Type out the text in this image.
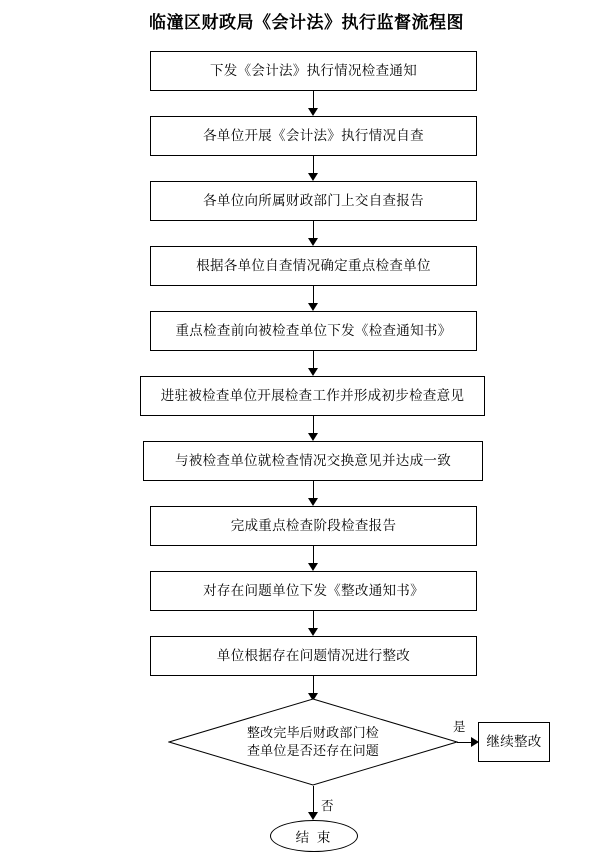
临潼区财政局《会计法》执行监督流程图
下发《会计法》执行情况检查通知
各单位开展《会计法》执行情况自查
各单位向所属财政部门上交自查报告
根据各单位自查情况确定重点检查单位
重点检查前向被检查单位下发《检查通知书》
进驻被检查单位开展检查工作并形成初步检查意见
与被检查单位就检查情况交换意见并达成一致
完成重点检查阶段检查报告
对存在问题单位下发《整改通知书》
单位根据存在问题情况进行整改
整改完毕后财政部门检
查单位是否还存在问题
是
继续整改
否
结 束
